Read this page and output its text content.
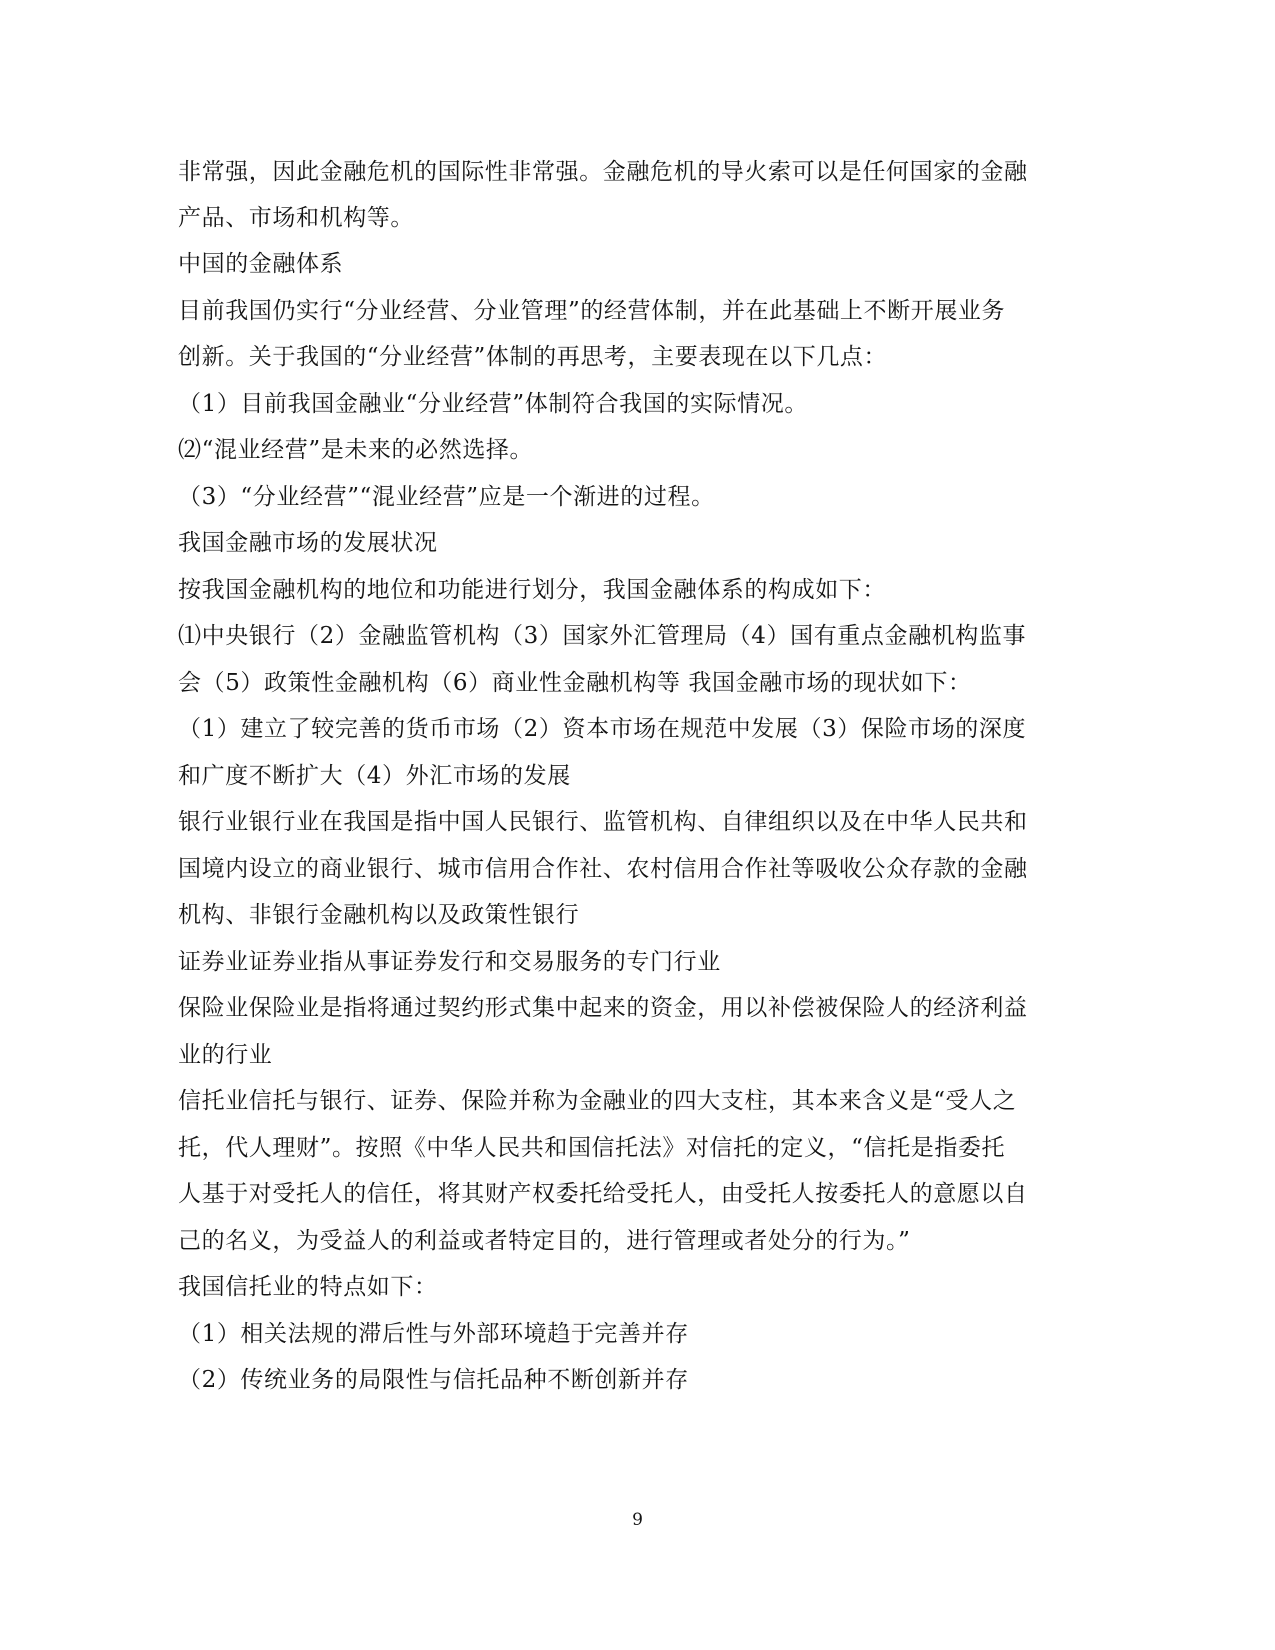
非常强，因此金融危机的国际性非常强。金融危机的导火索可以是任何国家的金融
产品、市场和机构等。
中国的金融体系
目前我国仍实行“分业经营、分业管理”的经营体制，并在此基础上不断开展业务
创新。关于我国的“分业经营”体制的再思考，主要表现在以下几点：
（1）目前我国金融业“分业经营”体制符合我国的实际情况。
⑵“混业经营”是未来的必然选择。
（3）“分业经营”“混业经营”应是一个渐进的过程。
我国金融市场的发展状况
按我国金融机构的地位和功能进行划分，我国金融体系的构成如下：
⑴中央银行（2）金融监管机构（3）国家外汇管理局（4）国有重点金融机构监事
会（5）政策性金融机构（6）商业性金融机构等 我国金融市场的现状如下：
（1）建立了较完善的货币市场（2）资本市场在规范中发展（3）保险市场的深度
和广度不断扩大（4）外汇市场的发展
银行业银行业在我国是指中国人民银行、监管机构、自律组织以及在中华人民共和
国境内设立的商业银行、城市信用合作社、农村信用合作社等吸收公众存款的金融
机构、非银行金融机构以及政策性银行
证券业证券业指从事证券发行和交易服务的专门行业
保险业保险业是指将通过契约形式集中起来的资金，用以补偿被保险人的经济利益
业的行业
信托业信托与银行、证券、保险并称为金融业的四大支柱，其本来含义是“受人之
托，代人理财”。按照《中华人民共和国信托法》对信托的定义，“信托是指委托
人基于对受托人的信任，将其财产权委托给受托人，由受托人按委托人的意愿以自
己的名义，为受益人的利益或者特定目的，进行管理或者处分的行为。”
我国信托业的特点如下：
（1）相关法规的滞后性与外部环境趋于完善并存
（2）传统业务的局限性与信托品种不断创新并存
9
